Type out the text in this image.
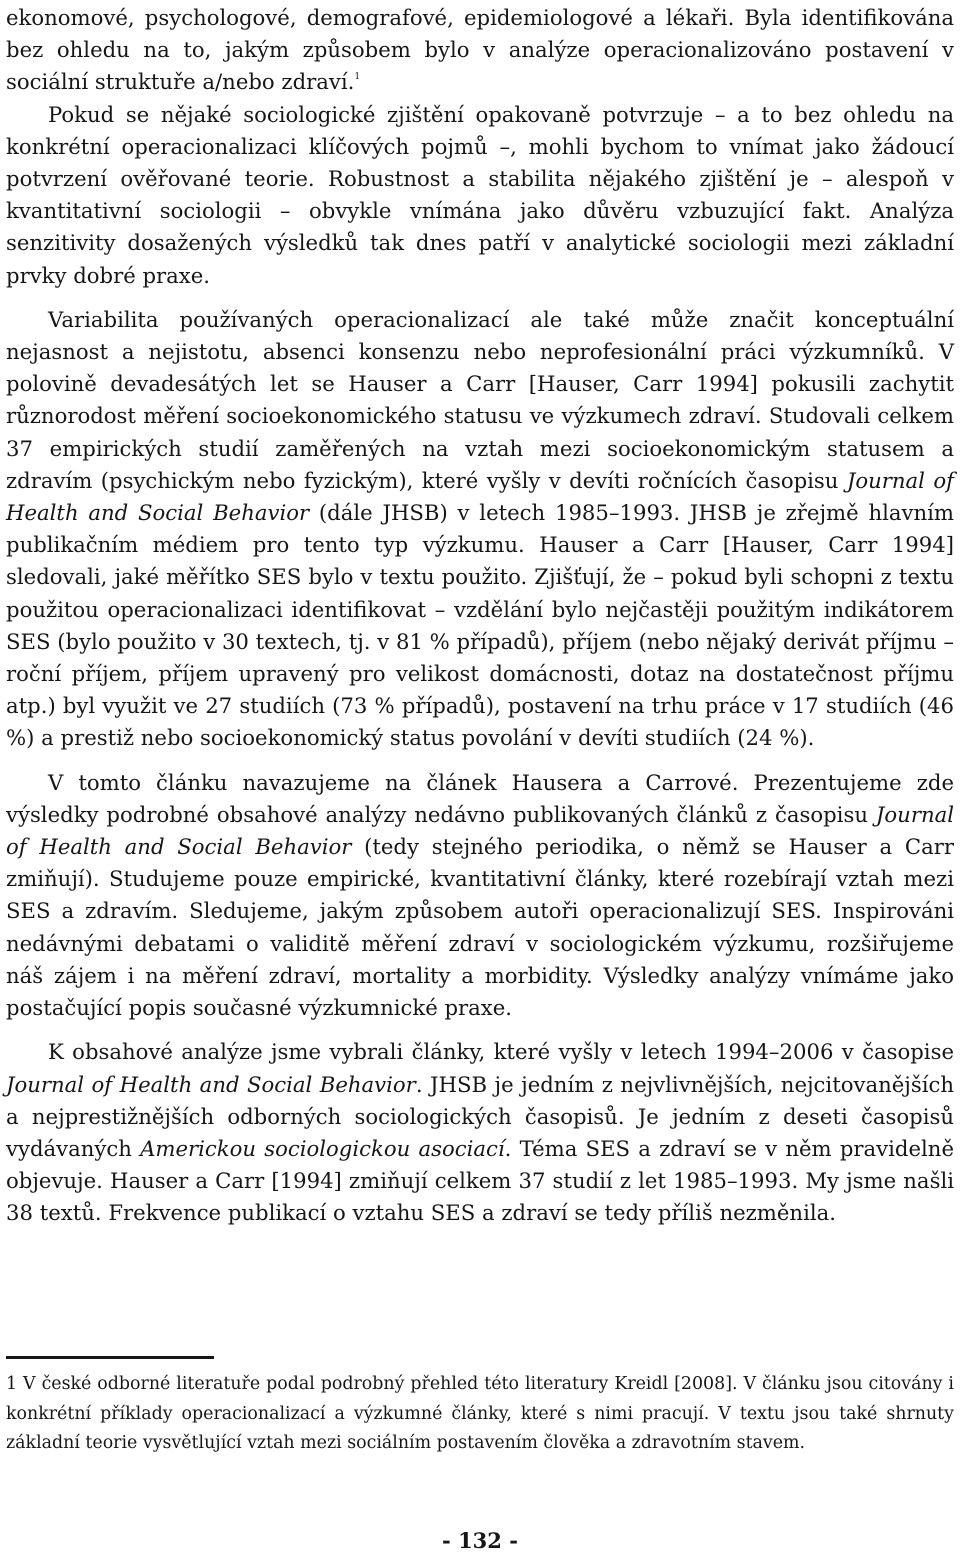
ekonomové, psychologové, demografové, epidemiologové a lékaři. Byla identifikována bez ohledu na to, jakým způsobem bylo v analýze operacionalizováno postavení v sociální struktuře a/nebo zdraví.$^1$

Pokud se nějaké sociologické zjištění opakovaně potvrzuje – a to bez ohledu na konkrétní operacionalizaci klíčových pojmů –, mohli bychom to vnímat jako žádoucí potvrzení ověřované teorie. Robustnost a stabilita nějakého zjištění je – alespoň v kvantitativní sociologii – obvykle vnímána jako důvěru vzbuzující fakt. Analýza senzitivity dosažených výsledků tak dnes patří v analytické sociologii mezi základní prvky dobré praxe.

Variabilita používaných operacionalizací ale také může značit konceptuální nejasnost a nejistotu, absenci konsenzu nebo neprofesionální práci výzkumníků. V polovině devadesátých let se Hauser a Carr [Hauser, Carr 1994] pokusili zachytit různorodost měření socioekonomického statusu ve výzkumech zdraví. Studovali celkem 37 empirických studií zaměřených na vztah mezi socioekonomickým statusem a zdravím (psychickým nebo fyzickým), které vyšly v devíti ročnících časopisu Journal of Health and Social Behavior (dále JHSB) v letech 1985–1993. JHSB je zřejmě hlavním publikačním médiem pro tento typ výzkumu. Hauser a Carr [Hauser, Carr 1994] sledovali, jaké měřítko SES bylo v textu použito. Zjišťují, že – pokud byli schopni z textu použitou operacionalizaci identifikovat – vzdělání bylo nejčastěji použitým indikátorem SES (bylo použito v 30 textech, tj. v 81 % případů), příjem (nebo nějaký derivát příjmu – roční příjem, příjem upravený pro velikost domácnosti, dotaz na dostatečnost příjmu atp.) byl využit ve 27 studiích (73 % případů), postavení na trhu práce v 17 studiích (46 %) a prestiž nebo socioekonomický status povolání v devíti studiích (24 %).

V tomto článku navazujeme na článek Hausera a Carrové. Prezentujeme zde výsledky podrobné obsahové analýzy nedávno publikovaných článků z časopisu Journal of Health and Social Behavior (tedy stejného periodika, o němž se Hauser a Carr zmiňují). Studujeme pouze empirické, kvantitativní články, které rozebírají vztah mezi SES a zdravím. Sledujeme, jakým způsobem autoři operacionalizují SES. Inspirováni nedávnými debatami o validitě měření zdraví v sociologickém výzkumu, rozšiřujeme náš zájem i na měření zdraví, mortality a morbidity. Výsledky analýzy vnímáme jako postačující popis současné výzkumnické praxe.

K obsahové analýze jsme vybrali články, které vyšly v letech 1994–2006 v časopise Journal of Health and Social Behavior. JHSB je jedním z nejvlivnějších, nejcitovanějších a nejprestižnějších odborných sociologických časopisů. Je jedním z deseti časopisů vydávaných Americkou sociologickou asociací. Téma SES a zdraví se v něm pravidelně objevuje. Hauser a Carr [1994] zmiňují celkem 37 studií z let 1985–1993. My jsme našli 38 textů. Frekvence publikací o vztahu SES a zdraví se tedy příliš nezměnila.

1 V české odborné literatuře podal podrobný přehled této literatury Kreidl [2008]. V článku jsou citovány i konkrétní příklady operacionalizací a výzkumné články, které s nimi pracují. V textu jsou také shrnuty základní teorie vysvětlující vztah mezi sociálním postavením člověka a zdravotním stavem.

- 132 -
